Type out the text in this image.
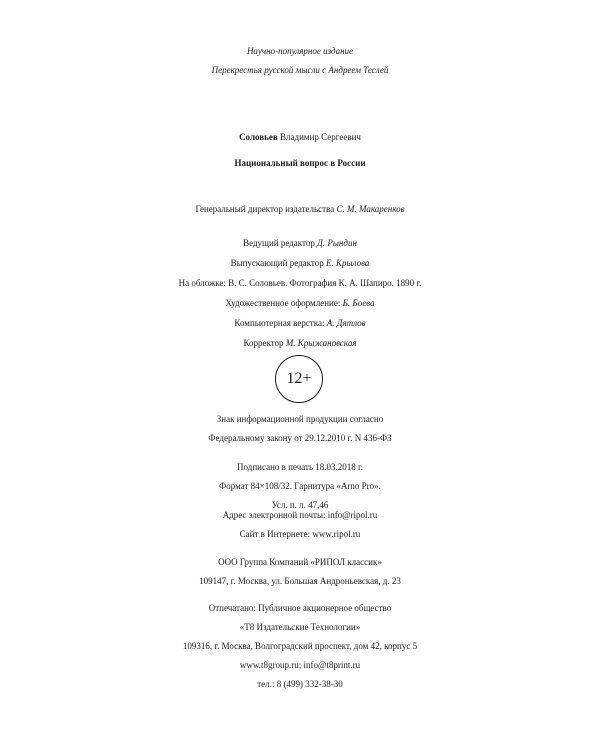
Научно-популярное издание
Перекрестья русской мысли с Андреем Теслей
Соловьев Владимир Сергеевич
Национальный вопрос в России
Генеральный директор издательства С. М. Макаренков
Ведущий редактор Д. Рындин
Выпускающий редактор Е. Крылова
На обложке: В. С. Соловьев. Фотография К. А. Шапиро. 1890 г.
Художественное оформление: Б. Боева
Компьютерная верстка: А. Дятлов
Корректор М. Крыжановская
12+
Знак информационной продукции согласно
Федеральному закону от 29.12.2010 г. N 436-ФЗ
Подписано в печать 18.03.2018 г.
Формат 84×108/32. Гарнитура «Arno Pro».
Усл. п. л. 47,46
Адрес электронной почты: info@ripol.ru
Сайт в Интернете: www.ripol.ru
ООО Группа Компаний «РИПОЛ классик»
109147, г. Москва, ул. Большая Андроньевская, д. 23
Отпечатано: Публичное акционерное общество
«Т8 Издательские Технологии»
109316, г. Москва, Волгоградский проспект, дом 42, корпус 5
www.t8group.ru; info@t8print.ru
тел.: 8 (499) 332-38-30
